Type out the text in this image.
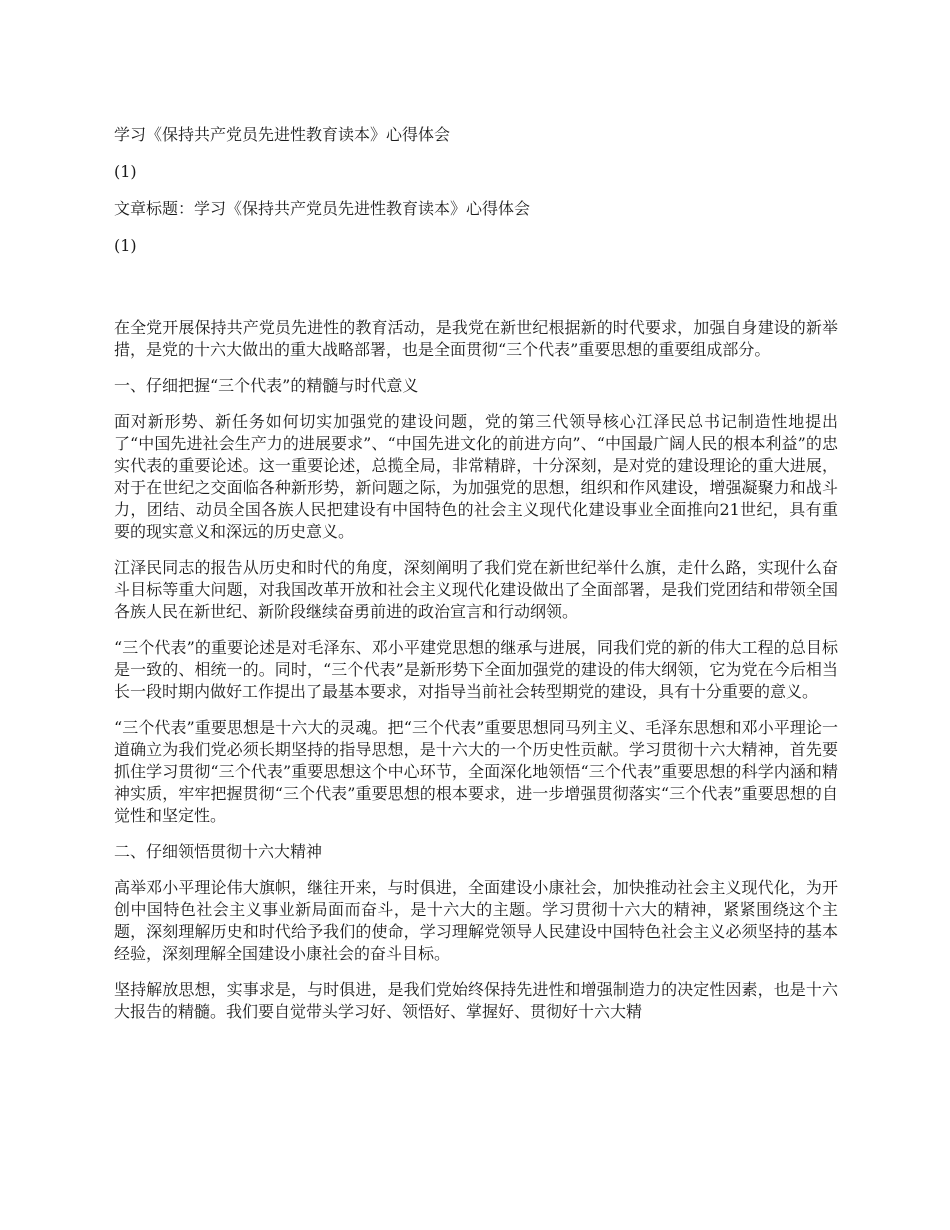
学习《保持共产党员先进性教育读本》心得体会

(1)

文章标题：学习《保持共产党员先进性教育读本》心得体会

(1)

在全党开展保持共产党员先进性的教育活动，是我党在新世纪根据新的时代要求，加强自身建设的新举措，是党的十六大做出的重大战略部署，也是全面贯彻“三个代表”重要思想的重要组成部分。

一、仔细把握“三个代表”的精髓与时代意义

面对新形势、新任务如何切实加强党的建设问题，党的第三代领导核心江泽民总书记制造性地提出了“中国先进社会生产力的进展要求”、“中国先进文化的前进方向”、“中国最广阔人民的根本利益”的忠实代表的重要论述。这一重要论述，总揽全局，非常精辟，十分深刻，是对党的建设理论的重大进展，对于在世纪之交面临各种新形势，新问题之际，为加强党的思想，组织和作风建设，增强凝聚力和战斗力，团结、动员全国各族人民把建设有中国特色的社会主义现代化建设事业全面推向21世纪，具有重要的现实意义和深远的历史意义。

江泽民同志的报告从历史和时代的角度，深刻阐明了我们党在新世纪举什么旗，走什么路，实现什么奋斗目标等重大问题，对我国改革开放和社会主义现代化建设做出了全面部署，是我们党团结和带领全国各族人民在新世纪、新阶段继续奋勇前进的政治宣言和行动纲领。

“三个代表”的重要论述是对毛泽东、邓小平建党思想的继承与进展，同我们党的新的伟大工程的总目标是一致的、相统一的。同时，“三个代表”是新形势下全面加强党的建设的伟大纲领，它为党在今后相当长一段时期内做好工作提出了最基本要求，对指导当前社会转型期党的建设，具有十分重要的意义。

“三个代表”重要思想是十六大的灵魂。把“三个代表”重要思想同马列主义、毛泽东思想和邓小平理论一道确立为我们党必须长期坚持的指导思想，是十六大的一个历史性贡献。学习贯彻十六大精神，首先要抓住学习贯彻“三个代表”重要思想这个中心环节，全面深化地领悟“三个代表”重要思想的科学内涵和精神实质，牢牢把握贯彻“三个代表”重要思想的根本要求，进一步增强贯彻落实“三个代表”重要思想的自觉性和坚定性。

二、仔细领悟贯彻十六大精神

高举邓小平理论伟大旗帜，继往开来，与时俱进，全面建设小康社会，加快推动社会主义现代化，为开创中国特色社会主义事业新局面而奋斗，是十六大的主题。学习贯彻十六大的精神，紧紧围绕这个主题，深刻理解历史和时代给予我们的使命，学习理解党领导人民建设中国特色社会主义必须坚持的基本经验，深刻理解全国建设小康社会的奋斗目标。

坚持解放思想，实事求是，与时俱进，是我们党始终保持先进性和增强制造力的决定性因素，也是十六大报告的精髓。我们要自觉带头学习好、领悟好、掌握好、贯彻好十六大精
